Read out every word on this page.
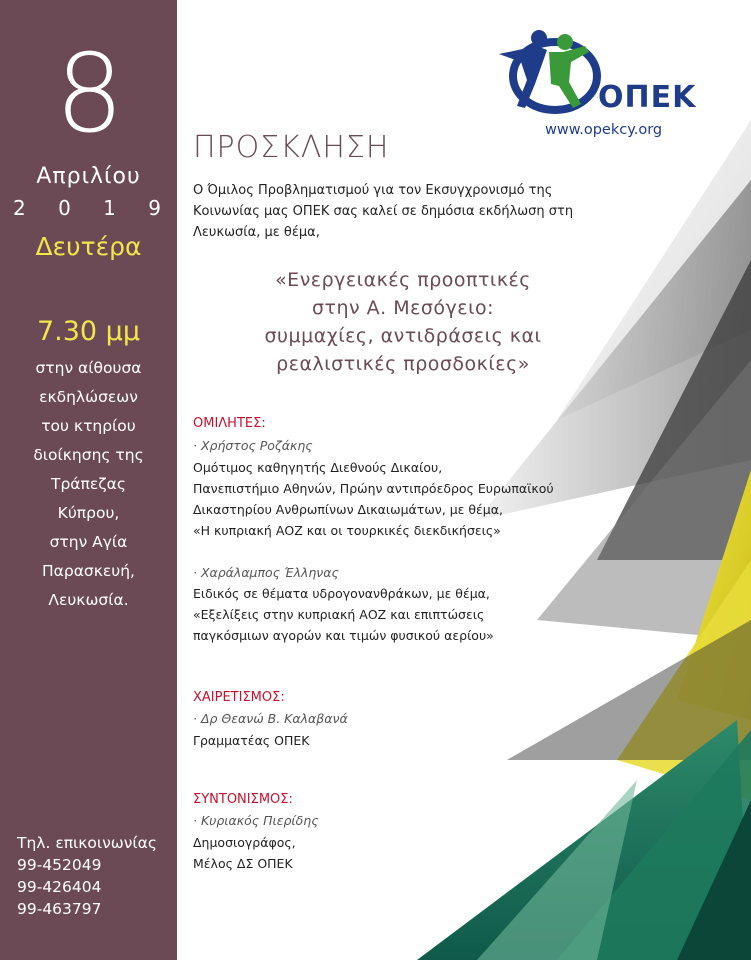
8
Απριλίου
2 0 1 9
Δευτέρα
7.30 μμ
στην αίθουσα
εκδηλώσεων
του κτηρίου
διοίκησης της
Τράπεζας
Κύπρου,
στην Αγία
Παρασκευή,
Λευκωσία.
Τηλ. επικοινωνίας
99-452049
99-426404
99-463797
ΟΠΕΚ
www.opekcy.org
ΠΡΟΣΚΛΗΣΗ
Ο Όμιλος Προβληματισμού για τον Εκσυγχρονισμό της
Κοινωνίας μας ΟΠΕΚ σας καλεί σε δημόσια εκδήλωση στη
Λευκωσία, με θέμα,
«Ενεργειακές προοπτικές
στην Α. Μεσόγειο:
συμμαχίες, αντιδράσεις και
ρεαλιστικές προσδοκίες»
ΟΜΙΛΗΤΕΣ:
· Χρήστος Ροζάκης
Ομότιμος καθηγητής Διεθνούς Δικαίου,
Πανεπιστήμιο Αθηνών, Πρώην αντιπρόεδρος Ευρωπαϊκού
Δικαστηρίου Ανθρωπίνων Δικαιωμάτων, με θέμα,
«Η κυπριακή ΑΟΖ και οι τουρκικές διεκδικήσεις»
· Χαράλαμπος Έλληνας
Ειδικός σε θέματα υδρογονανθράκων, με θέμα,
«Εξελίξεις στην κυπριακή ΑΟΖ και επιπτώσεις
παγκόσμιων αγορών και τιμών φυσικού αερίου»
ΧΑΙΡΕΤΙΣΜΟΣ:
· Δρ Θεανώ Β. Καλαβανά
Γραμματέας ΟΠΕΚ
ΣΥΝΤΟΝΙΣΜΟΣ:
· Κυριακός Πιερίδης
Δημοσιογράφος,
Μέλος ΔΣ ΟΠΕΚ
